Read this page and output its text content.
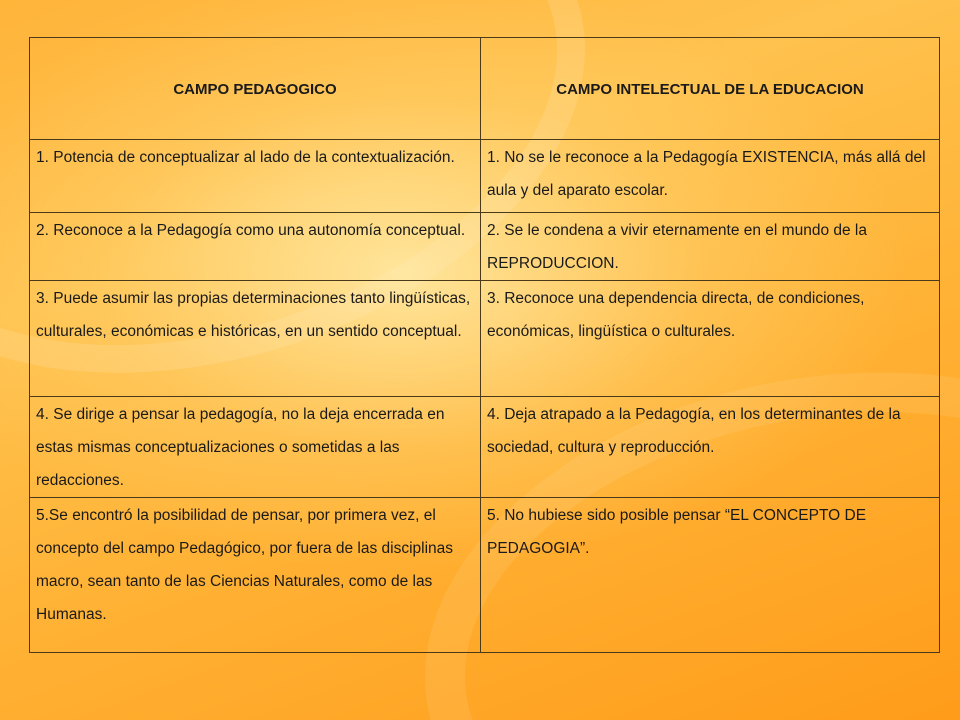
CAMPO PEDAGOGICO	CAMPO INTELECTUAL DE LA EDUCACION
1. Potencia de conceptualizar al lado de la contextualización.	1. No se le reconoce a la Pedagogía EXISTENCIA, más allá del aula y del aparato escolar.
2. Reconoce a la Pedagogía como una autonomía conceptual.	2. Se le condena a vivir eternamente en el mundo de la REPRODUCCION.
3. Puede asumir las propias determinaciones tanto lingüísticas, culturales, económicas e históricas, en un sentido conceptual.	3. Reconoce una dependencia directa, de condiciones, económicas, lingüística o culturales.
4. Se dirige a pensar la pedagogía, no la deja encerrada en estas mismas conceptualizaciones o sometidas a las redacciones.	4. Deja atrapado a la Pedagogía, en los determinantes de la sociedad, cultura y reproducción.
5.Se encontró la posibilidad de pensar, por primera vez, el concepto del campo Pedagógico, por fuera de las disciplinas macro, sean tanto de las Ciencias Naturales, como de las Humanas.	5. No hubiese sido posible pensar “EL CONCEPTO DE PEDAGOGIA”.
